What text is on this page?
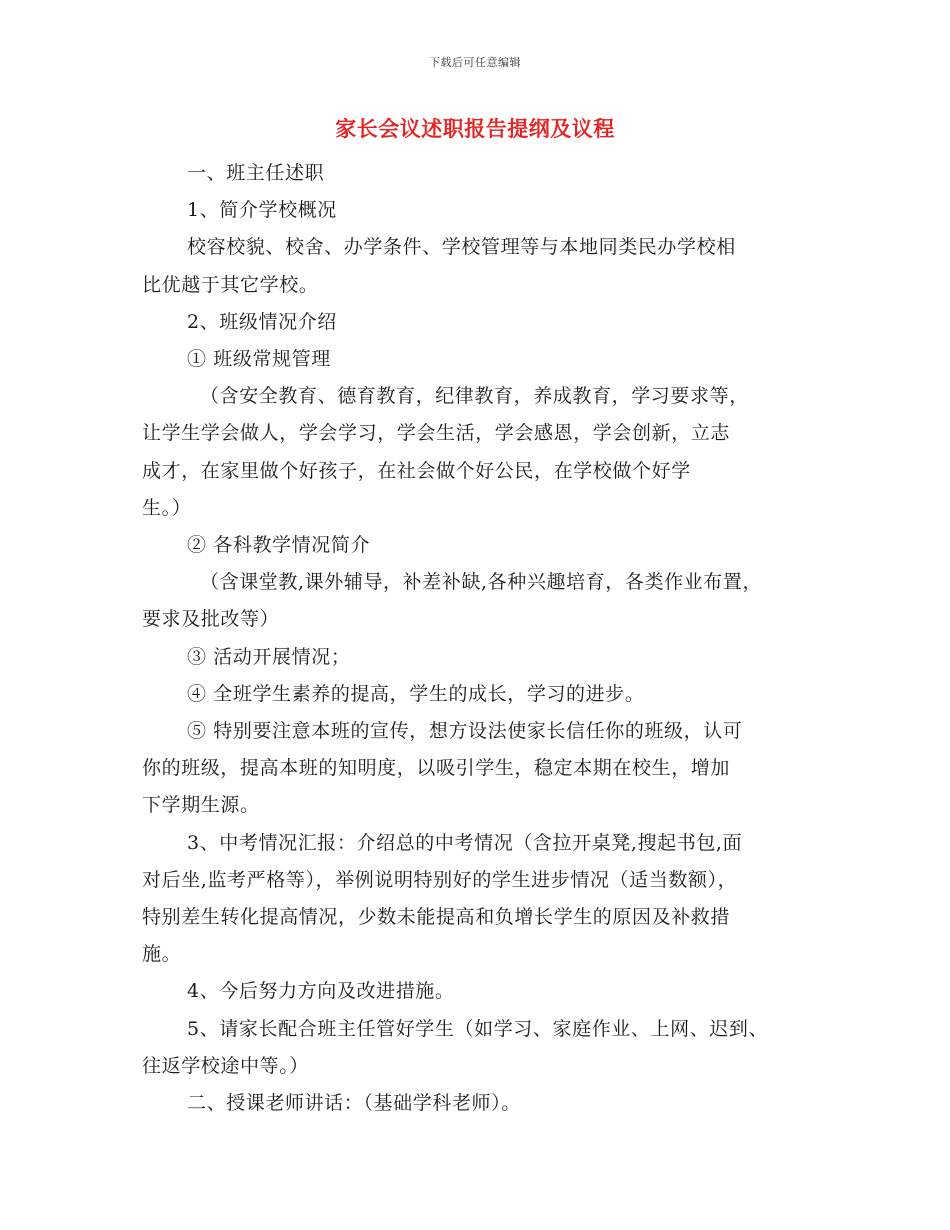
下载后可任意编辑
家长会议述职报告提纲及议程

一、班主任述职

1、简介学校概况

校容校貌、校舍、办学条件、学校管理等与本地同类民办学校相
比优越于其它学校。

2、班级情况介绍

① 班级常规管理

（含安全教育、德育教育，纪律教育，养成教育，学习要求等，
让学生学会做人，学会学习，学会生活，学会感恩，学会创新，立志
成才，在家里做个好孩子，在社会做个好公民，在学校做个好学
生。）

② 各科教学情况简介

（含课堂教,课外辅导，补差补缺,各种兴趣培育，各类作业布置，
要求及批改等）

③ 活动开展情况；

④ 全班学生素养的提高，学生的成长，学习的进步。

⑤ 特别要注意本班的宣传，想方设法使家长信任你的班级，认可
你的班级，提高本班的知明度，以吸引学生，稳定本期在校生，增加
下学期生源。

3、中考情况汇报：介绍总的中考情况（含拉开桌凳,搜起书包,面
对后坐,监考严格等），举例说明特别好的学生进步情况（适当数额），
特别差生转化提高情况，少数未能提高和负增长学生的原因及补救措
施。

4、今后努力方向及改进措施。

5、请家长配合班主任管好学生（如学习、家庭作业、上网、迟到、
往返学校途中等。）

二、授课老师讲话：（基础学科老师）。
